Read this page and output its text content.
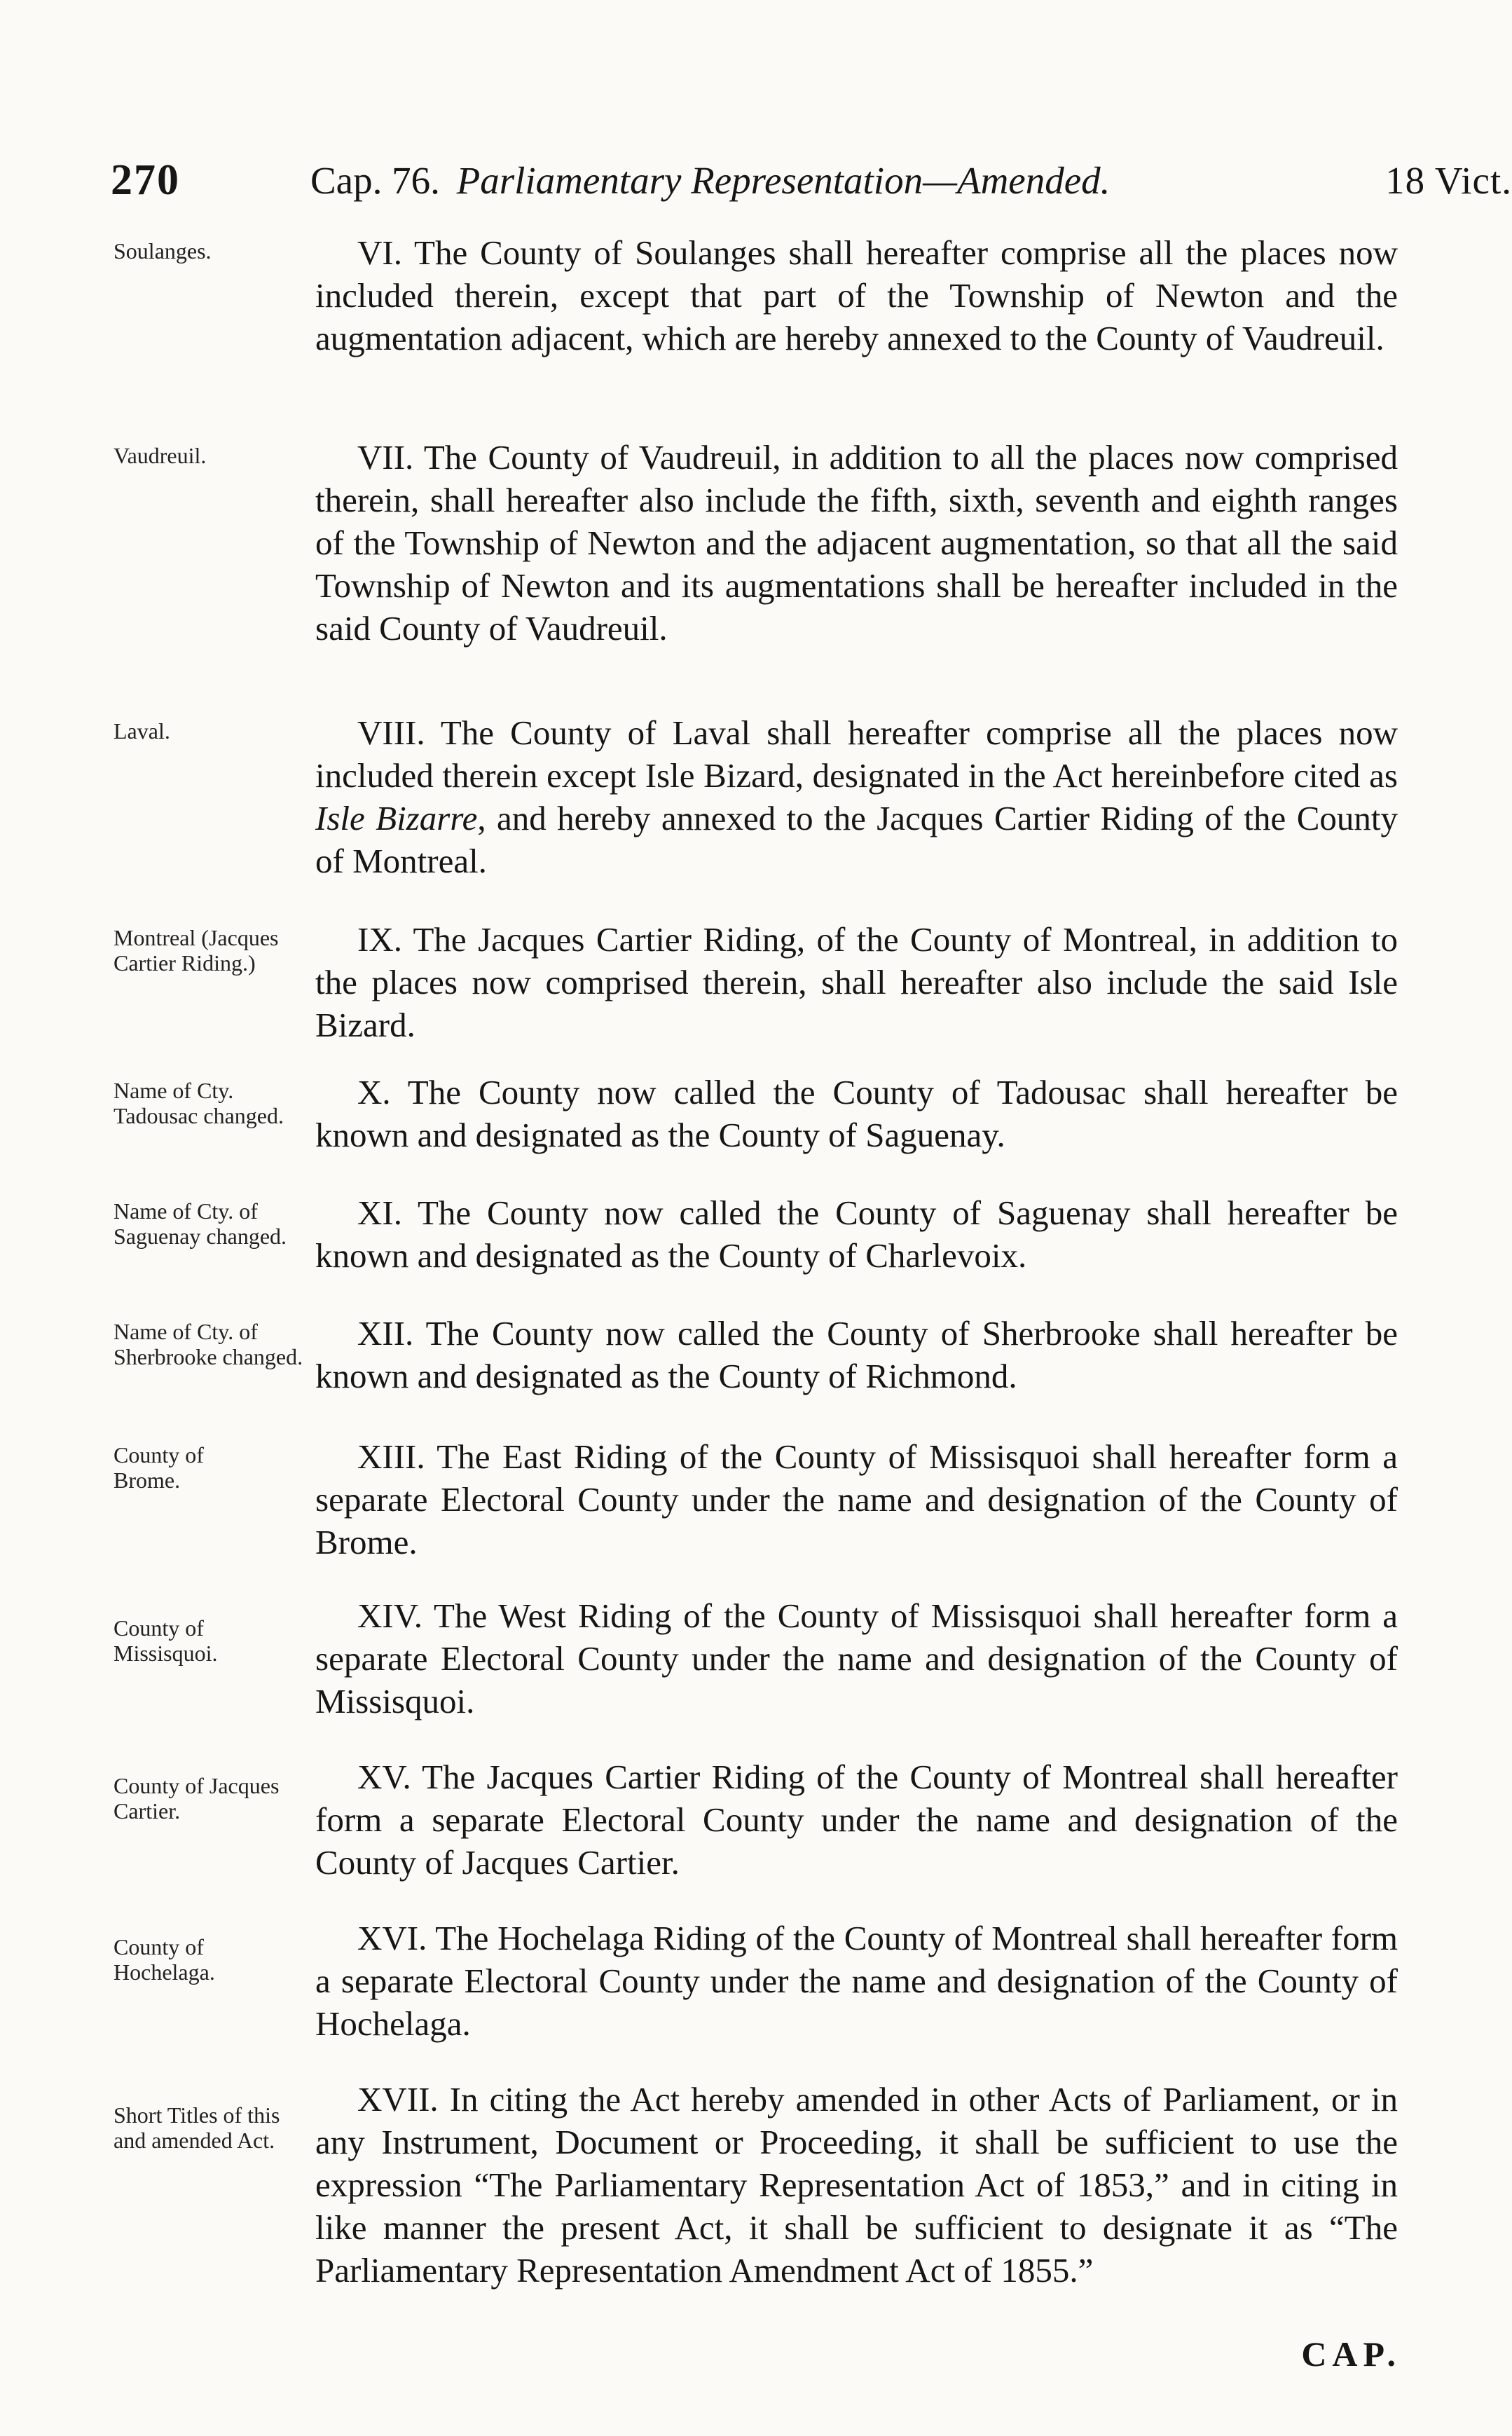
270	Cap. 76. Parliamentary Representation—Amended.	18 Vict.
Soulanges.	VI. The County of Soulanges shall hereafter comprise all the places now included therein, except that part of the Township of Newton and the augmentation adjacent, which are hereby annexed to the County of Vaudreuil.
Vaudreuil.	VII. The County of Vaudreuil, in addition to all the places now comprised therein, shall hereafter also include the fifth, sixth, seventh and eighth ranges of the Township of Newton and the adjacent augmentation, so that all the said Township of Newton and its augmentations shall be hereafter included in the said County of Vaudreuil.
Laval.	VIII. The County of Laval shall hereafter comprise all the places now included therein except Isle Bizard, designated in the Act hereinbefore cited as Isle Bizarre, and hereby annexed to the Jacques Cartier Riding of the County of Montreal.
Montreal (Jacques Cartier Riding.)
IX. The Jacques Cartier Riding, of the County of Montreal, in addition to the places now comprised therein, shall hereafter also include the said Isle Bizard.
Name of Cty. Tadousac changed.
X. The County now called the County of Tadousac shall hereafter be known and designated as the County of Saguenay.
Name of Cty. of Saguenay changed.
XI. The County now called the County of Saguenay shall hereafter be known and designated as the County of Charlevoix.
Name of Cty. of Sherbrooke changed.
XII. The County now called the County of Sherbrooke shall hereafter be known and designated as the County of Richmond.
County of Brome.
XIII. The East Riding of the County of Missisquoi shall hereafter form a separate Electoral County under the name and designation of the County of Brome.
County of Missisquoi.
XIV. The West Riding of the County of Missisquoi shall hereafter form a separate Electoral County under the name and designation of the County of Missisquoi.
County of Jacques Cartier.
XV. The Jacques Cartier Riding of the County of Montreal shall hereafter form a separate Electoral County under the name and designation of the County of Jacques Cartier.
County of Hochelaga.
XVI. The Hochelaga Riding of the County of Montreal shall hereafter form a separate Electoral County under the name and designation of the County of Hochelaga.
Short Titles of this and amended Act.
XVII. In citing the Act hereby amended in other Acts of Parliament, or in any Instrument, Document or Proceeding, it shall be sufficient to use the expression “The Parliamentary Representation Act of 1853,” and in citing in like manner the present Act, it shall be sufficient to designate it as “The Parliamentary Representation Amendment Act of 1855.”
CAP.
